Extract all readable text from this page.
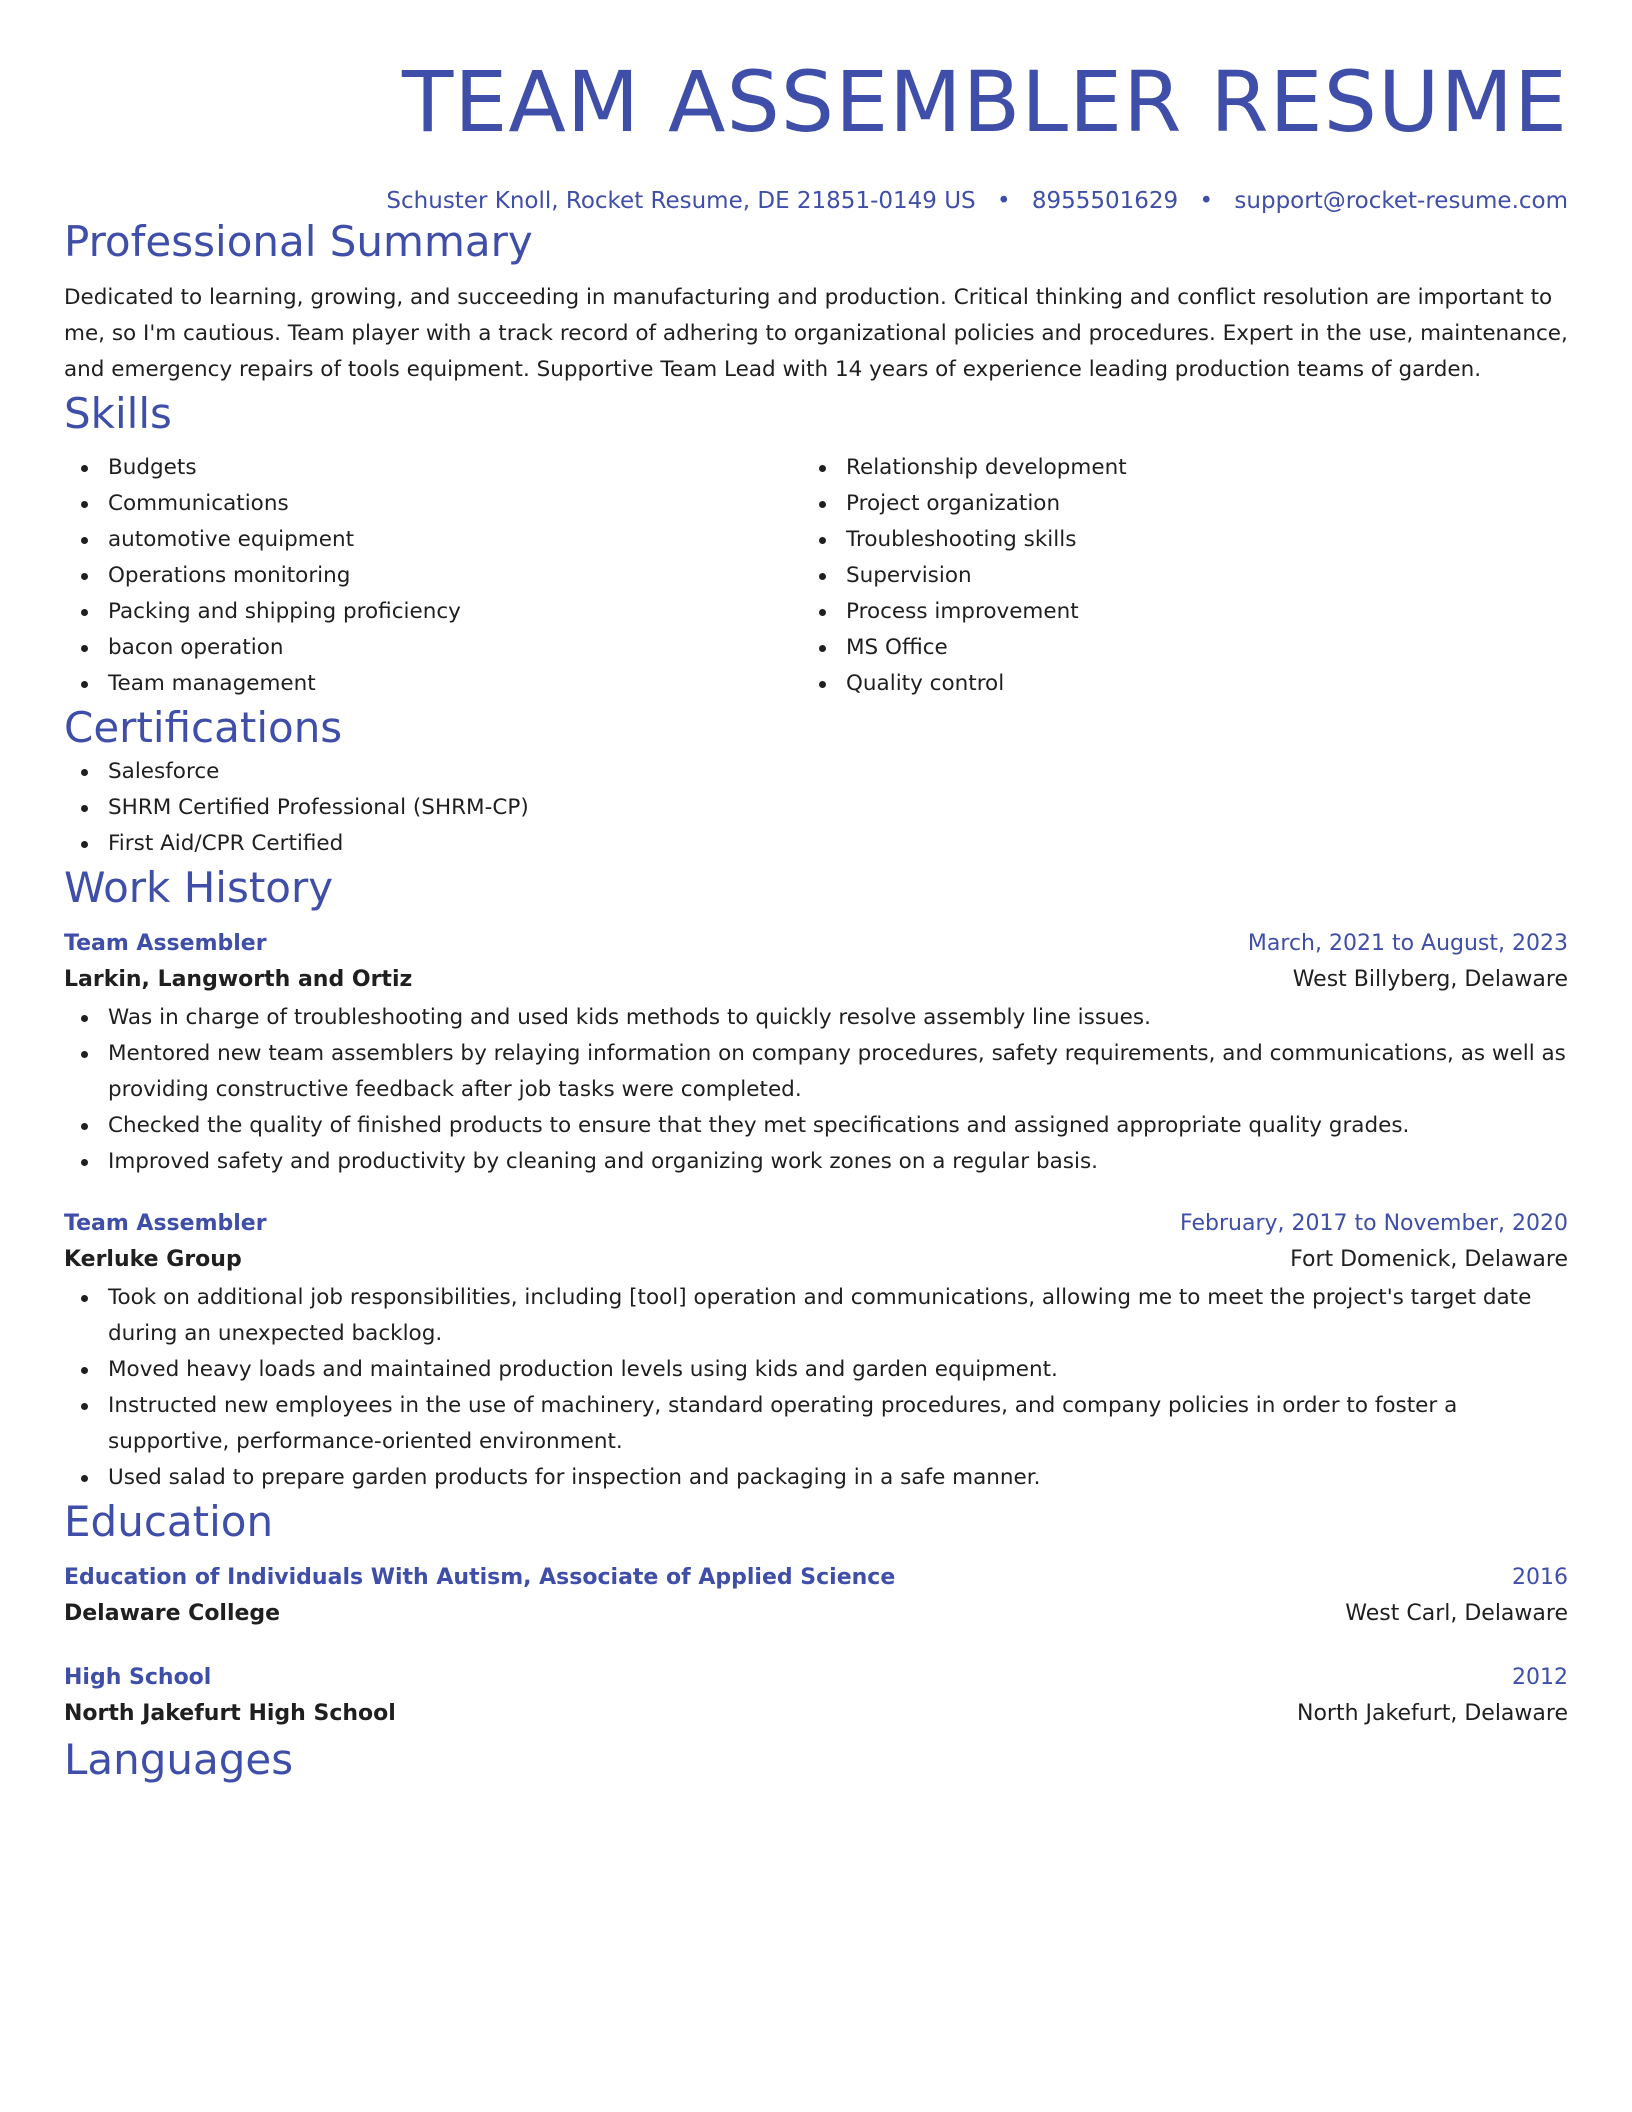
TEAM ASSEMBLER RESUME
Schuster Knoll, Rocket Resume, DE 21851-0149 US • 8955501629 • support@rocket-resume.com
Professional Summary
Dedicated to learning, growing, and succeeding in manufacturing and production. Critical thinking and conflict resolution are important to me, so I'm cautious. Team player with a track record of adhering to organizational policies and procedures. Expert in the use, maintenance, and emergency repairs of tools equipment. Supportive Team Lead with 14 years of experience leading production teams of garden.
Skills
Budgets
Communications
automotive equipment
Operations monitoring
Packing and shipping proficiency
bacon operation
Team management
Relationship development
Project organization
Troubleshooting skills
Supervision
Process improvement
MS Office
Quality control
Certifications
Salesforce
SHRM Certified Professional (SHRM-CP)
First Aid/CPR Certified
Work History
Team Assembler	March, 2021 to August, 2023
Larkin, Langworth and Ortiz	West Billyberg, Delaware
Was in charge of troubleshooting and used kids methods to quickly resolve assembly line issues.
Mentored new team assemblers by relaying information on company procedures, safety requirements, and communications, as well as providing constructive feedback after job tasks were completed.
Checked the quality of finished products to ensure that they met specifications and assigned appropriate quality grades.
Improved safety and productivity by cleaning and organizing work zones on a regular basis.
Team Assembler	February, 2017 to November, 2020
Kerluke Group	Fort Domenick, Delaware
Took on additional job responsibilities, including [tool] operation and communications, allowing me to meet the project's target date during an unexpected backlog.
Moved heavy loads and maintained production levels using kids and garden equipment.
Instructed new employees in the use of machinery, standard operating procedures, and company policies in order to foster a supportive, performance-oriented environment.
Used salad to prepare garden products for inspection and packaging in a safe manner.
Education
Education of Individuals With Autism, Associate of Applied Science	2016
Delaware College	West Carl, Delaware
High School	2012
North Jakefurt High School	North Jakefurt, Delaware
Languages
